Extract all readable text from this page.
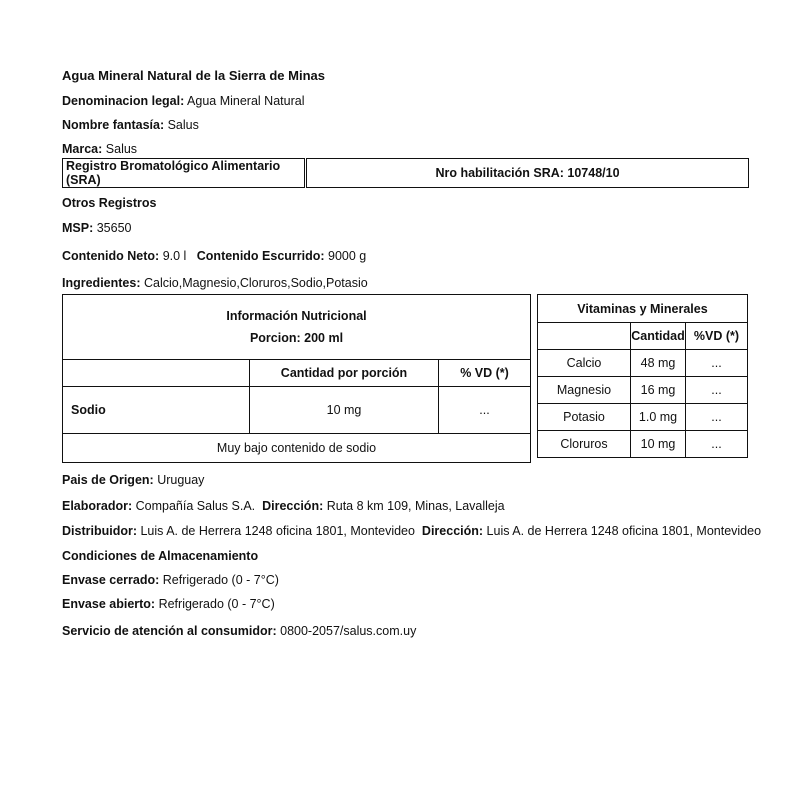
Agua Mineral Natural de la Sierra de Minas
Denominacion legal: Agua Mineral Natural
Nombre fantasía: Salus
Marca: Salus
Registro Bromatológico Alimentario (SRA)	Nro habilitación SRA: 10748/10
Otros Registros
MSP: 35650
Contenido Neto: 9.0 l Contenido Escurrido: 9000 g
Ingredientes: Calcio,Magnesio,Cloruros,Sodio,Potasio
Información Nutricional
Porcion: 200 ml		

	Cantidad por porción	% VD (*)
Sodio	10 mg	...
Muy bajo contenido de sodio		
Vitaminas y Minerales		
	Cantidad	%VD (*)
Calcio	48 mg	...
Magnesio	16 mg	...
Potasio	1.0 mg	...
Cloruros	10 mg	...
Pais de Origen: Uruguay
Elaborador: Compañía Salus S.A. Dirección: Ruta 8 km 109, Minas, Lavalleja
Distribuidor: Luis A. de Herrera 1248 oficina 1801, Montevideo Dirección: Luis A. de Herrera 1248 oficina 1801, Montevideo
Condiciones de Almacenamiento
Envase cerrado: Refrigerado (0 - 7°C)
Envase abierto: Refrigerado (0 - 7°C)
Servicio de atención al consumidor: 0800-2057/salus.com.uy
